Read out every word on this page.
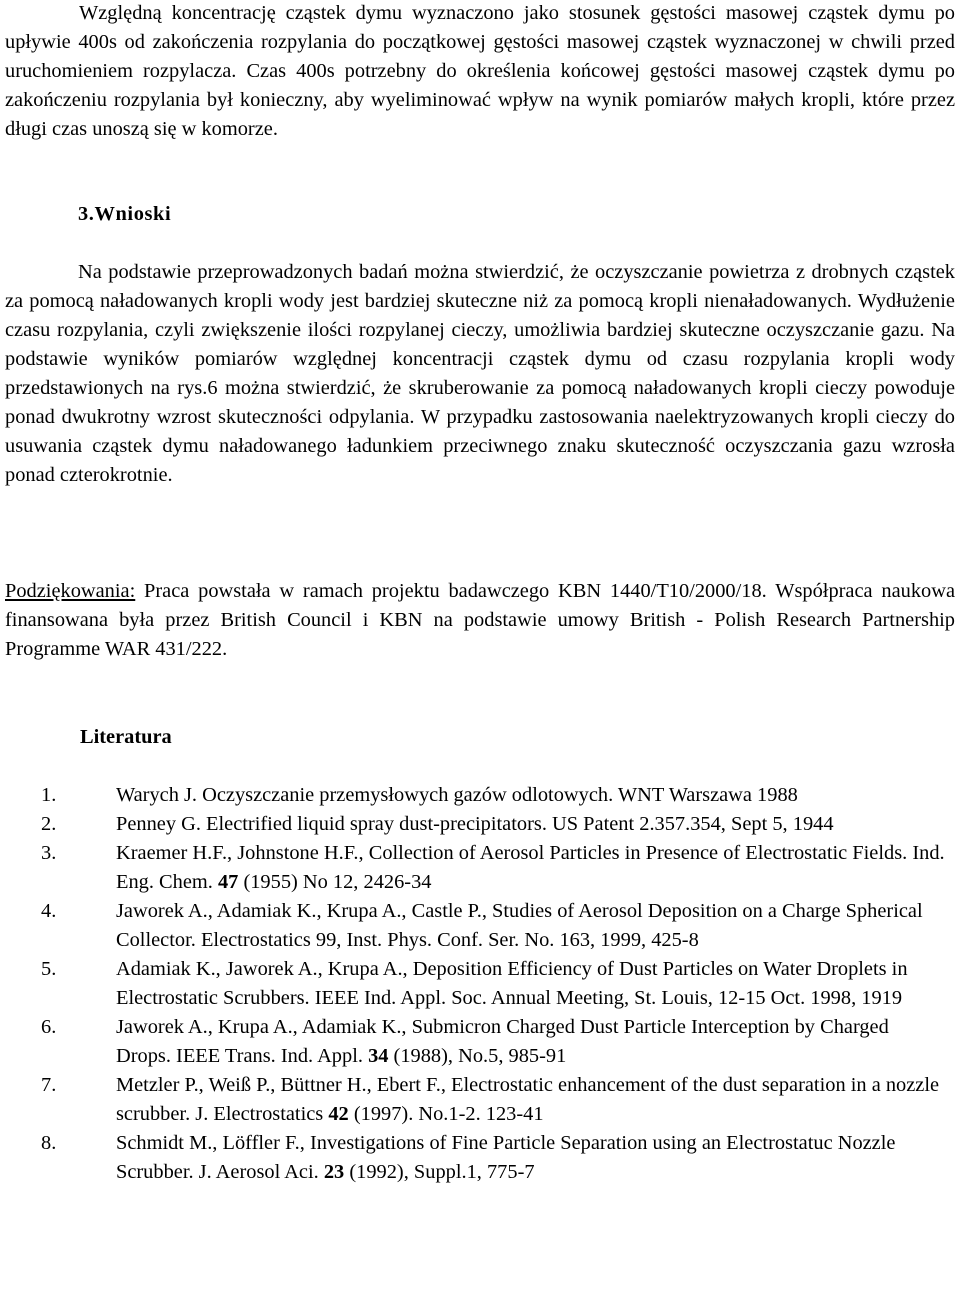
Względną koncentrację cząstek dymu wyznaczono jako stosunek gęstości masowej cząstek dymu po upływie 400s od zakończenia rozpylania do początkowej gęstości masowej cząstek wyznaczonej w chwili przed uruchomieniem rozpylacza. Czas 400s potrzebny do określenia końcowej gęstości masowej cząstek dymu po zakończeniu rozpylania był konieczny, aby wyeliminować wpływ na wynik pomiarów małych kropli, które przez długi czas unoszą się w komorze.

3.Wnioski

Na podstawie przeprowadzonych badań można stwierdzić, że oczyszczanie powietrza z drobnych cząstek za pomocą naładowanych kropli wody jest bardziej skuteczne niż za pomocą kropli nienaładowanych. Wydłużenie czasu rozpylania, czyli zwiększenie ilości rozpylanej cieczy, umożliwia bardziej skuteczne oczyszczanie gazu. Na podstawie wyników pomiarów względnej koncentracji cząstek dymu od czasu rozpylania kropli wody przedstawionych na rys.6 można stwierdzić, że skruberowanie za pomocą naładowanych kropli cieczy powoduje ponad dwukrotny wzrost skuteczności odpylania. W przypadku zastosowania naelektryzowanych kropli cieczy do usuwania cząstek dymu naładowanego ładunkiem przeciwnego znaku skuteczność oczyszczania gazu wzrosła ponad czterokrotnie.

Podziękowania: Praca powstała w ramach projektu badawczego KBN 1440/T10/2000/18. Współpraca naukowa finansowana była przez British Council i KBN na podstawie umowy British - Polish Research Partnership Programme WAR 431/222.

Literatura
1.	Warych J. Oczyszczanie przemysłowych gazów odlotowych. WNT Warszawa 1988
2.	Penney G. Electrified liquid spray dust-precipitators. US Patent 2.357.354, Sept 5, 1944
3.	Kraemer H.F., Johnstone H.F., Collection of Aerosol Particles in Presence of Electrostatic Fields. Ind. Eng. Chem. 47 (1955) No 12, 2426-34
4.	Jaworek A., Adamiak K., Krupa A., Castle P., Studies of Aerosol Deposition on a Charge Spherical Collector. Electrostatics 99, Inst. Phys. Conf. Ser. No. 163, 1999, 425-8
5.	Adamiak K., Jaworek A., Krupa A., Deposition Efficiency of Dust Particles on Water Droplets in Electrostatic Scrubbers. IEEE Ind. Appl. Soc. Annual Meeting, St. Louis, 12-15 Oct. 1998, 1919
6.	Jaworek A., Krupa A., Adamiak K., Submicron Charged Dust Particle Interception by Charged Drops. IEEE Trans. Ind. Appl. 34 (1988), No.5, 985-91
7.	Metzler P., Weiß P., Büttner H., Ebert F., Electrostatic enhancement of the dust separation in a nozzle scrubber. J. Electrostatics 42 (1997). No.1-2. 123-41
8.	Schmidt M., Löffler F., Investigations of Fine Particle Separation using an Electrostatuc Nozzle Scrubber. J. Aerosol Aci. 23 (1992), Suppl.1, 775-7
